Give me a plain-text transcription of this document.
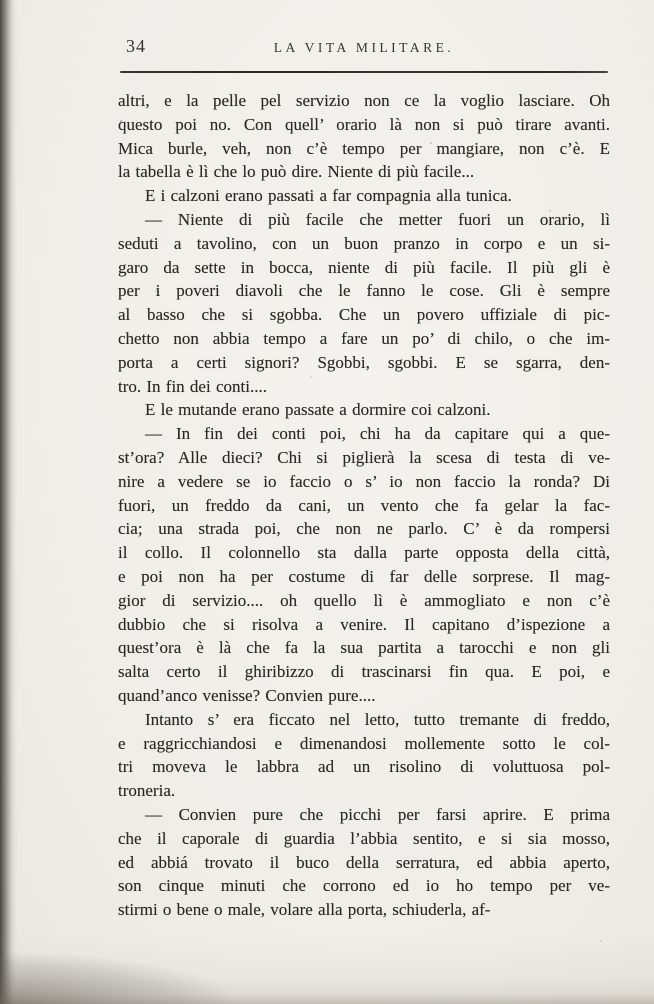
34	LA VITA MILITARE.
altri, e la pelle pel servizio non ce la voglio lasciare. Oh
questo poi no. Con quell’ orario là non si può tirare avanti.
Mica burle, veh, non c’è tempo per mangiare, non c’è. E
la tabella è lì che lo può dire. Niente di più facile...
E i calzoni erano passati a far compagnia alla tunica.
— Niente di più facile che metter fuori un orario, lì
seduti a tavolino, con un buon pranzo in corpo e un si-
garo da sette in bocca, niente di più facile. Il più gli è
per i poveri diavoli che le fanno le cose. Gli è sempre
al basso che si sgobba. Che un povero uffiziale di pic-
chetto non abbia tempo a fare un po’ di chilo, o che im-
porta a certi signori? Sgobbi, sgobbi. E se sgarra, den-
tro. In fin dei conti....
E le mutande erano passate a dormire coi calzoni.
— In fin dei conti poi, chi ha da capitare qui a que-
st’ora? Alle dieci? Chi si piglierà la scesa di testa di ve-
nire a vedere se io faccio o s’ io non faccio la ronda? Di
fuori, un freddo da cani, un vento che fa gelar la fac-
cia; una strada poi, che non ne parlo. C’ è da rompersi
il collo. Il colonnello sta dalla parte opposta della città,
e poi non ha per costume di far delle sorprese. Il mag-
gior di servizio.... oh quello lì è ammogliato e non c’è
dubbio che si risolva a venire. Il capitano d’ispezione a
quest’ora è là che fa la sua partita a tarocchi e non gli
salta certo il ghiribizzo di trascinarsi fin qua. E poi, e
quand’anco venisse? Convien pure....
Intanto s’ era ficcato nel letto, tutto tremante di freddo,
e raggricchiandosi e dimenandosi mollemente sotto le col-
tri moveva le labbra ad un risolino di voluttuosa pol-
troneria.
— Convien pure che picchi per farsi aprire. E prima
che il caporale di guardia l’abbia sentito, e si sia mosso,
ed abbiá trovato il buco della serratura, ed abbia aperto,
son cinque minuti che corrono ed io ho tempo per ve-
stirmi o bene o male, volare alla porta, schiuderla, af-
